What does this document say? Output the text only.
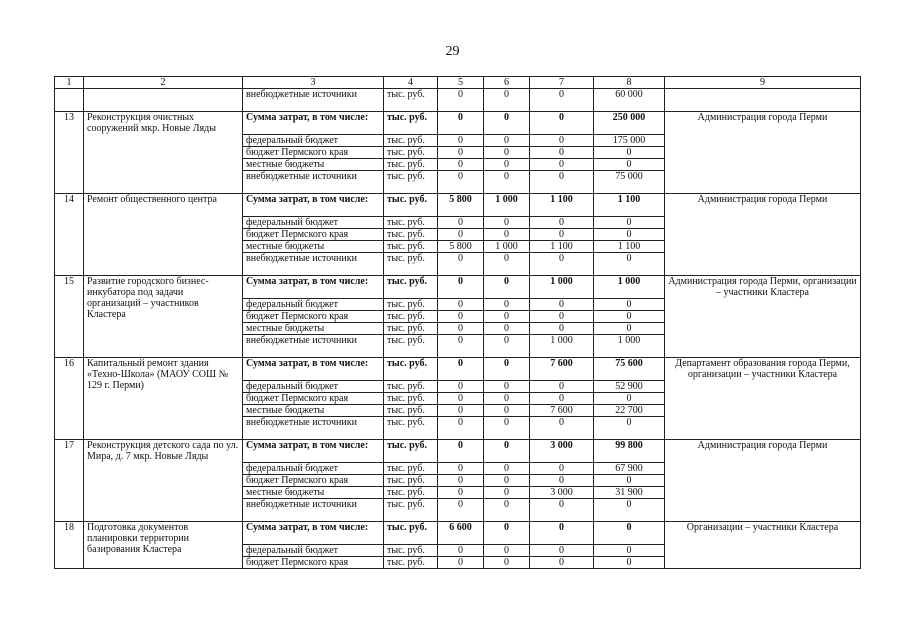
29
1	2	3	4	5	6	7	8	9
		внебюджетные источники	тыс. руб.	0	0	0	60 000	
13	Реконструкция очистных сооружений мкр. Новые Ляды	Сумма затрат, в том числе:	тыс. руб.	0	0	0	250 000	Администрация города Перми
		федеральный бюджет	тыс. руб.	0	0	0	175 000	
		бюджет Пермского края	тыс. руб.	0	0	0	0	
		местные бюджеты	тыс. руб.	0	0	0	0	
		внебюджетные источники	тыс. руб.	0	0	0	75 000	
14	Ремонт общественного центра	Сумма затрат, в том числе:	тыс. руб.	5 800	1 000	1 100	1 100	Администрация города Перми
		федеральный бюджет	тыс. руб.	0	0	0	0	
		бюджет Пермского края	тыс. руб.	0	0	0	0	
		местные бюджеты	тыс. руб.	5 800	1 000	1 100	1 100	
		внебюджетные источники	тыс. руб.	0	0	0	0	
15	Развитие городского бизнес-инкубатора под задачи организаций – участников Кластера	Сумма затрат, в том числе:	тыс. руб.	0	0	1 000	1 000	Администрация города Перми, организации – участники Кластера
		федеральный бюджет	тыс. руб.	0	0	0	0	
		бюджет Пермского края	тыс. руб.	0	0	0	0	
		местные бюджеты	тыс. руб.	0	0	0	0	
		внебюджетные источники	тыс. руб.	0	0	1 000	1 000	
16	Капитальный ремонт здания «Техно-Школа» (МАОУ СОШ № 129 г. Перми)	Сумма затрат, в том числе:	тыс. руб.	0	0	7 600	75 600	Департамент образования города Перми, организации – участники Кластера
		федеральный бюджет	тыс. руб.	0	0	0	52 900	
		бюджет Пермского края	тыс. руб.	0	0	0	0	
		местные бюджеты	тыс. руб.	0	0	7 600	22 700	
		внебюджетные источники	тыс. руб.	0	0	0	0	
17	Реконструкция детского сада по ул. Мира, д. 7 мкр. Новые Ляды	Сумма затрат, в том числе:	тыс. руб.	0	0	3 000	99 800	Администрация города Перми
		федеральный бюджет	тыс. руб.	0	0	0	67 900	
		бюджет Пермского края	тыс. руб.	0	0	0	0	
		местные бюджеты	тыс. руб.	0	0	3 000	31 900	
		внебюджетные источники	тыс. руб.	0	0	0	0	
18	Подготовка документов планировки территории базирования Кластера	Сумма затрат, в том числе:	тыс. руб.	6 600	0	0	0	Организации – участники Кластера
		федеральный бюджет	тыс. руб.	0	0	0	0	
		бюджет Пермского края	тыс. руб.	0	0	0	0	
